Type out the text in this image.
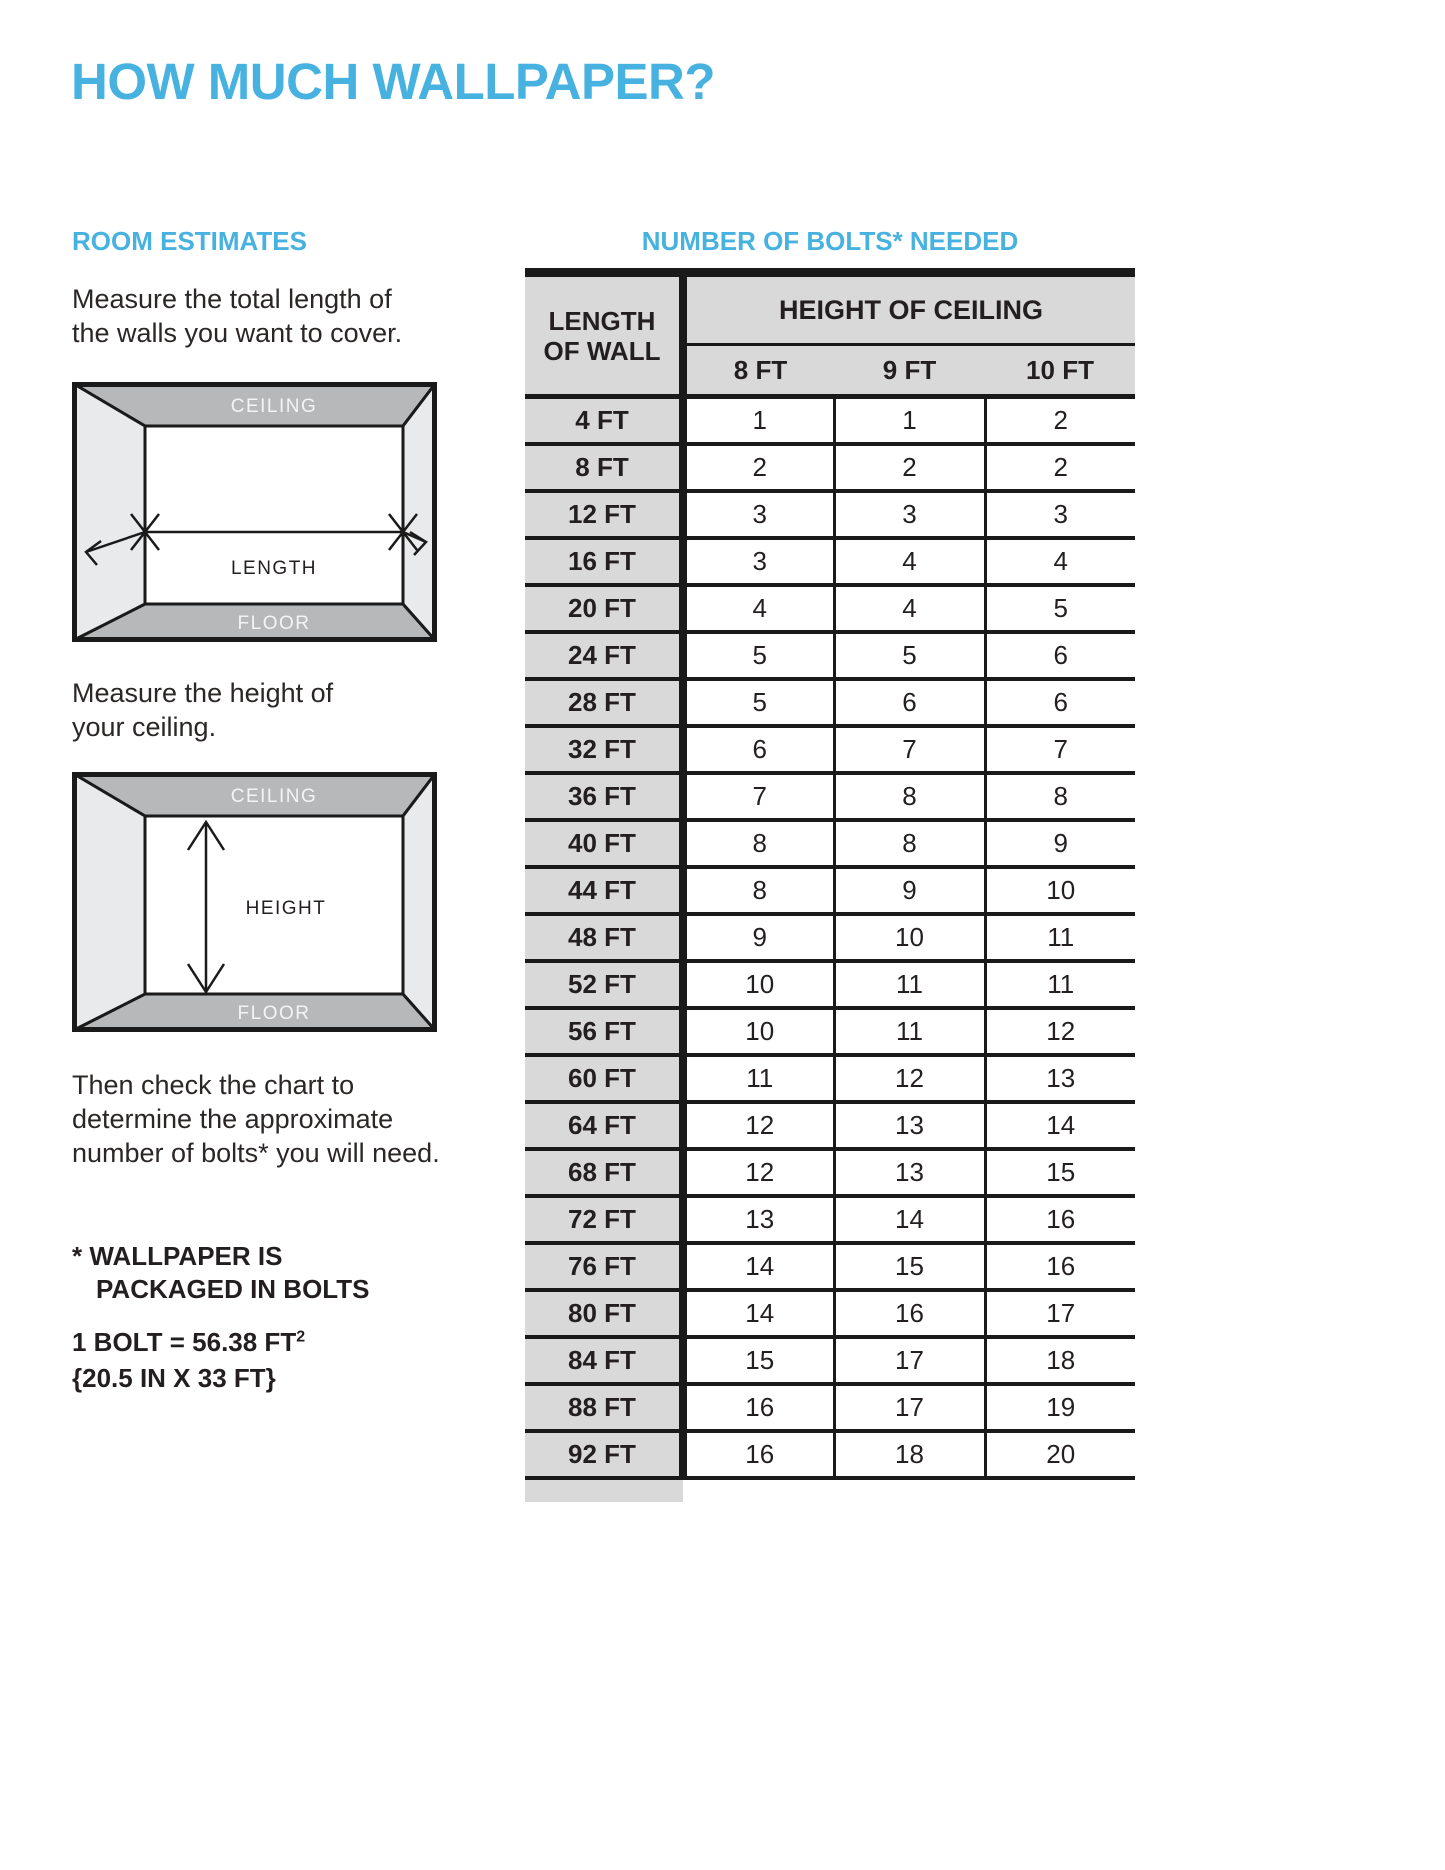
HOW MUCH WALLPAPER?
ROOM ESTIMATES
Measure the total length of
the walls you want to cover.
CEILING
FLOOR
LENGTH
Measure the height of
your ceiling.
CEILING
FLOOR
HEIGHT
Then check the chart to
determine the approximate
number of bolts* you will need.
* WALLPAPER IS
PACKAGED IN BOLTS
1 BOLT = 56.38 $FT^2$
{20.5 IN X 33 FT}
NUMBER OF BOLTS* NEEDED
LENGTH
OF WALL	HEIGHT OF CEILING		
	8 FT	9 FT	10 FT
4 FT	1	1	2
8 FT	2	2	2
12 FT	3	3	3
16 FT	3	4	4
20 FT	4	4	5
24 FT	5	5	6
28 FT	5	6	6
32 FT	6	7	7
36 FT	7	8	8
40 FT	8	8	9
44 FT	8	9	10
48 FT	9	10	11
52 FT	10	11	11
56 FT	10	11	12
60 FT	11	12	13
64 FT	12	13	14
68 FT	12	13	15
72 FT	13	14	16
76 FT	14	15	16
80 FT	14	16	17
84 FT	15	17	18
88 FT	16	17	19
92 FT	16	18	20
